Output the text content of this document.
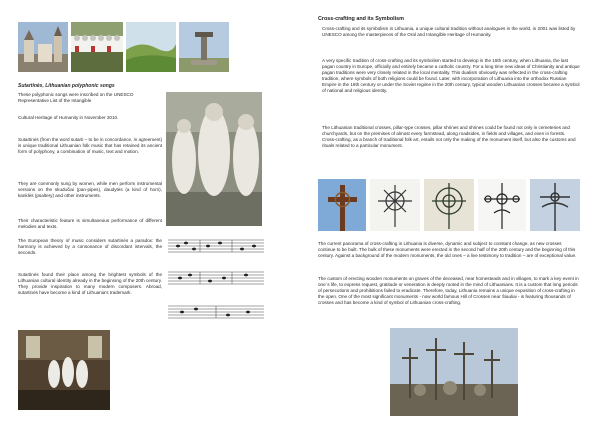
Sutartinės, Lithuanian polyphonic songs
These polyphonic songs were inscribed on the UNESCO Representative List of the Intangible
Cultural Heritage of Humanity in November 2010.
Sutartinės (from the word sutarti – to be in concordance, in agreement) is unique traditional Lithuanian folk music that has retained its ancient form of polyphony, a combination of music, text and motion.
They are commonly sung by women, while men perform instrumental versions on the skudučiai (pan-pipes), daudytės (a kind of horn), kanklės (psaltery) and other instruments.
Their characteristic feature is simultaneous performance of different melodies and texts.
The European theory of music considers sutartinės a paradox: the harmony is achieved by a consonance of discordant intervals, the seconds.
Sutartinės found their place among the brightest symbols of the Lithuanian cultural identity already in the beginning of the 20th century. They provide inspiration to many modern composers. Abroad, sutartinės have become a kind of Lithuania's trademark.
Cross-crafting and its Symbolism
Cross-crafting and its symbolism in Lithuania, a unique cultural tradition without analogues in the world, in 2001 was listed by UNESCO among the masterpieces of the Oral and Intangible Heritage of Humanity.
A very specific tradition of cross-crafting and its symbolism started to develop in the 15th century, when Lithuania, the last pagan country in Europe, officially and entirely became a catholic country. For a long time new ideas of Christianity and antique pagan traditions were very closely related in the local mentality. This dualism obviously was reflected in the cross-crafting tradition, where symbols of both religions could be found. Later, with incorporation of Lithuania into the orthodox Russian Empire in the 19th century or under the Soviet regime in the 20th century, typical wooden Lithuanian crosses became a symbol of national and religious identity.
The Lithuanian traditional crosses, pillar-type crosses, pillar shrines and shrines could be found not only in cemeteries and churchyards, but on the premises of almost every farmstead, along roadsides, in fields and villages, and even in forests. Cross-crafting, as a branch of traditional folk art, entails not only the making of the monument itself, but also the customs and rituals related to a particular monument.
The current panorama of cross-crafting in Lithuania is diverse, dynamic and subject to constant change, as new crosses continue to be built. The bulk of these monuments were erected in the second half of the 20th century and the beginning of this century. Against a background of the modern monuments, the old ones – a live testimony to tradition – are of exceptional value.
The custom of erecting wooden monuments on graves of the deceased, near homesteads and in villages, to mark a key event in one´s life, to express request, gratitude or veneration is deeply rooted in the mind of Lithuanians. It is a custom that long periods of persecutions and prohibitions failed to eradicate. Therefore, today, Lithuania remains a unique exposition of cross-crafting in the open. One of the most significant monuments - now world famous Hill of Crosses near Šiauliai - is featuring thousands of crosses and has become a kind of symbol of Lithuanian cross-crafting.
